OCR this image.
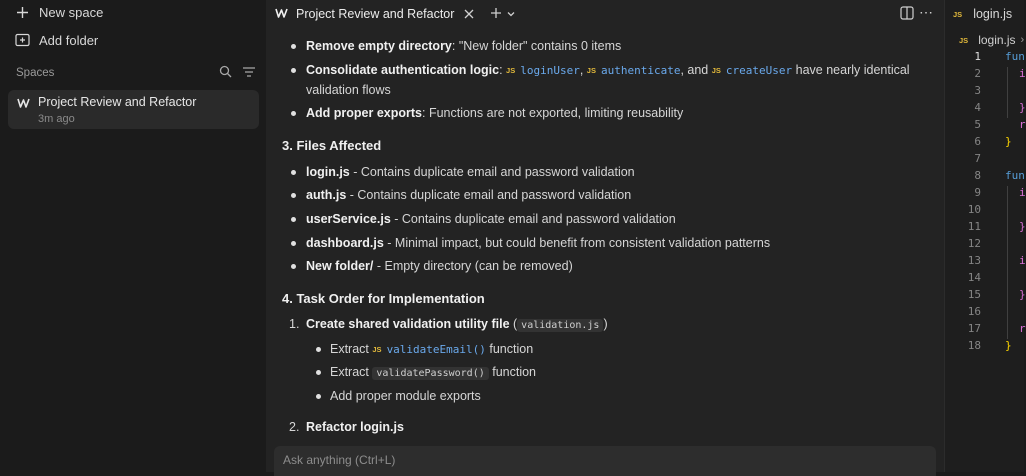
New space
Add folder
Spaces
Project Review and Refactor
3m ago
Project Review and Refactor	⋯
Remove empty directory: "New folder" contains 0 items
Consolidate authentication logic: JS loginUser, JS authenticate, and JS createUser have nearly identical
validation flows
Add proper exports: Functions are not exported, limiting reusability
3. Files Affected
login.js - Contains duplicate email and password validation
auth.js - Contains duplicate email and password validation
userService.js - Contains duplicate email and password validation
dashboard.js - Minimal impact, but could benefit from consistent validation patterns
New folder/ - Empty directory (can be removed)
4. Task Order for Implementation
1. Create shared validation utility file ( validation.js )
Extract JS validateEmail() function
Extract validatePassword() function
Add proper module exports
2. Refactor login.js
Ask anything (Ctrl+L)
JS login.js
JS login.js ›
1
2
3
4
5
6
7
8
9
10
11
12
13
14
15
16
17
18
fun
i
}
r
}
fun
i
}
i
}
r
}
